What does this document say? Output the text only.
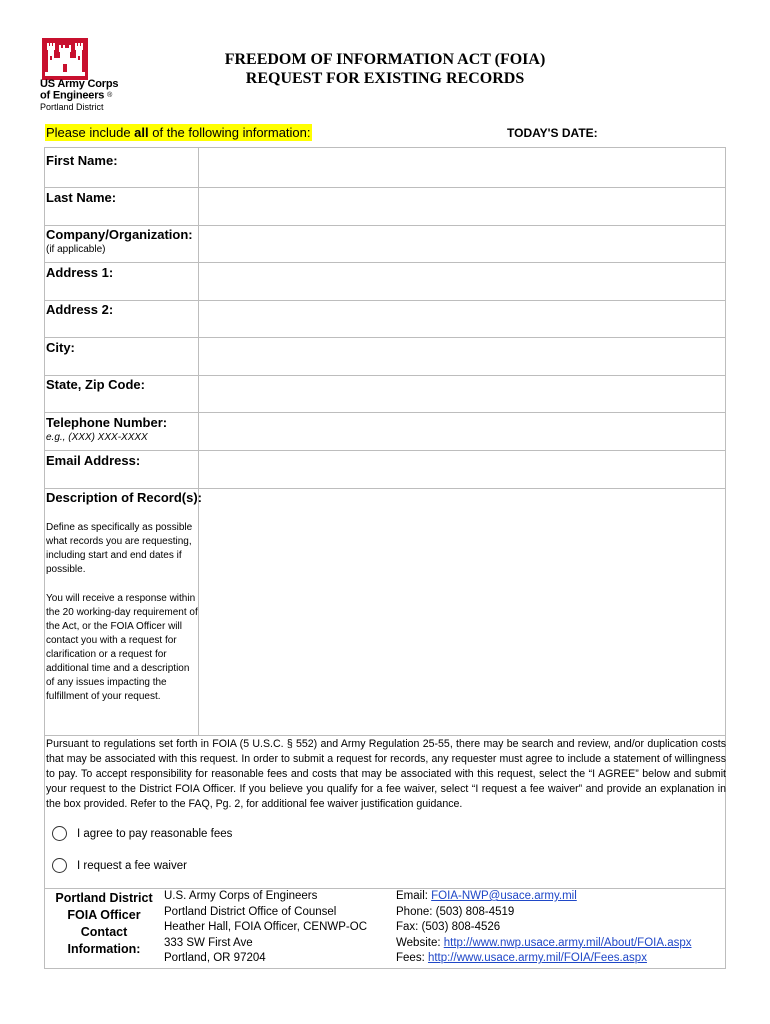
US Army Corps
of Engineers ®
Portland District
FREEDOM OF INFORMATION ACT (FOIA)
REQUEST FOR EXISTING RECORDS
Please include all of the following information:	TODAY'S DATE:
First Name:
Last Name:
Company/Organization:
(if applicable)
Address 1:
Address 2:
City:
State, Zip Code:
Telephone Number:
e.g., (XXX) XXX-XXXX
Email Address:
Description of Record(s):
Define as specifically as possible what records you are requesting, including start and end dates if possible.
You will receive a response within the 20 working-day requirement of the Act, or the FOIA Officer will contact you with a request for clarification or a request for additional time and a description of any issues impacting the fulfillment of your request.
Pursuant to regulations set forth in FOIA (5 U.S.C. § 552) and Army Regulation 25-55, there may be search and review, and/or duplication costs that may be associated with this request. In order to submit a request for records, any requester must agree to include a statement of willingness to pay. To accept responsibility for reasonable fees and costs that may be associated with this request, select the “I AGREE” below and submit your request to the District FOIA Officer. If you believe you qualify for a fee waiver, select “I request a fee waiver” and provide an explanation in the box provided. Refer to the FAQ, Pg. 2, for additional fee waiver justification guidance.
I agree to pay reasonable fees
I request a fee waiver
Portland District
FOIA Officer
Contact
Information:
U.S. Army Corps of Engineers
Portland District Office of Counsel
Heather Hall, FOIA Officer, CENWP-OC
333 SW First Ave
Portland, OR 97204
Email: FOIA-NWP@usace.army.mil
Phone: (503) 808-4519
Fax: (503) 808-4526
Website: http://www.nwp.usace.army.mil/About/FOIA.aspx
Fees: http://www.usace.army.mil/FOIA/Fees.aspx
